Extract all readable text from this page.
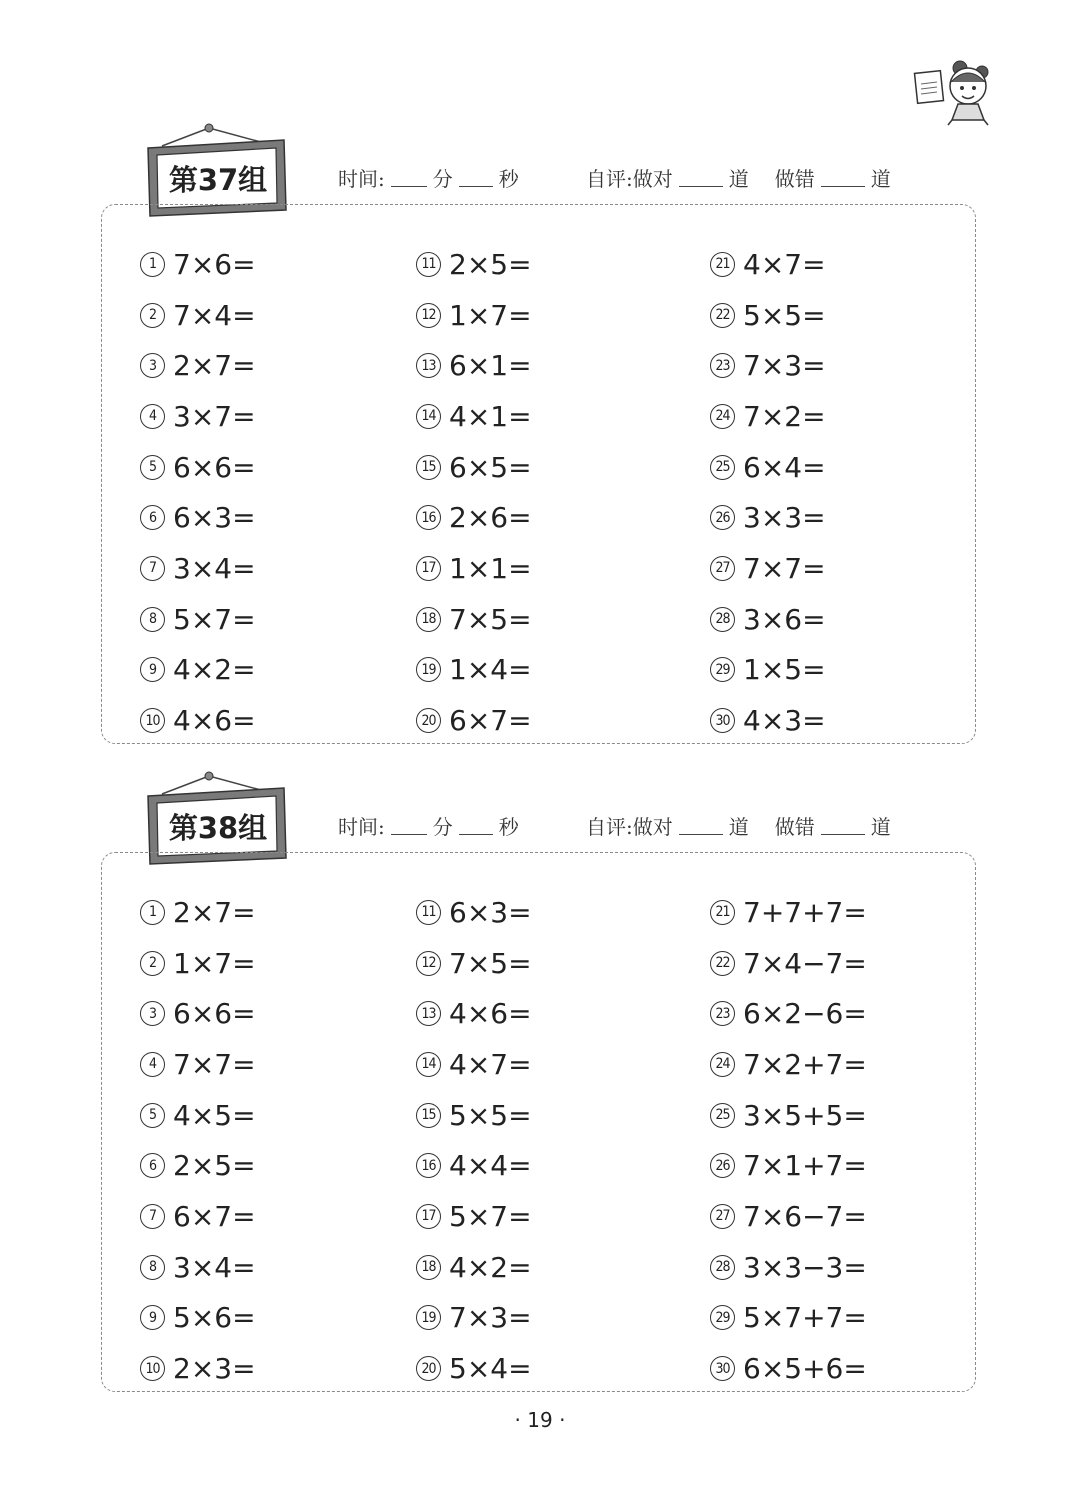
第37组	时间: 分 秒	自评:做对	道 做错	道
1 7×6=
2 7×4=
3 2×7=
4 3×7=
5 6×6=
6 6×3=
7 3×4=
8 5×7=
9 4×2=
10 4×6=
11 2×5=
12 1×7=
13 6×1=
14 4×1=
15 6×5=
16 2×6=
17 1×1=
18 7×5=
19 1×4=
20 6×7=
21 4×7=
22 5×5=
23 7×3=
24 7×2=
25 6×4=
26 3×3=
27 7×7=
28 3×6=
29 1×5=
30 4×3=
第38组	时间: 分 秒	自评:做对	道 做错	道
1 2×7=
2 1×7=
3 6×6=
4 7×7=
5 4×5=
6 2×5=
7 6×7=
8 3×4=
9 5×6=
10 2×3=
11 6×3=
12 7×5=
13 4×6=
14 4×7=
15 5×5=
16 4×4=
17 5×7=
18 4×2=
19 7×3=
20 5×4=
21 7+7+7=
22 7×4−7=
23 6×2−6=
24 7×2+7=
25 3×5+5=
26 7×1+7=
27 7×6−7=
28 3×3−3=
29 5×7+7=
30 6×5+6=
· 19 ·
